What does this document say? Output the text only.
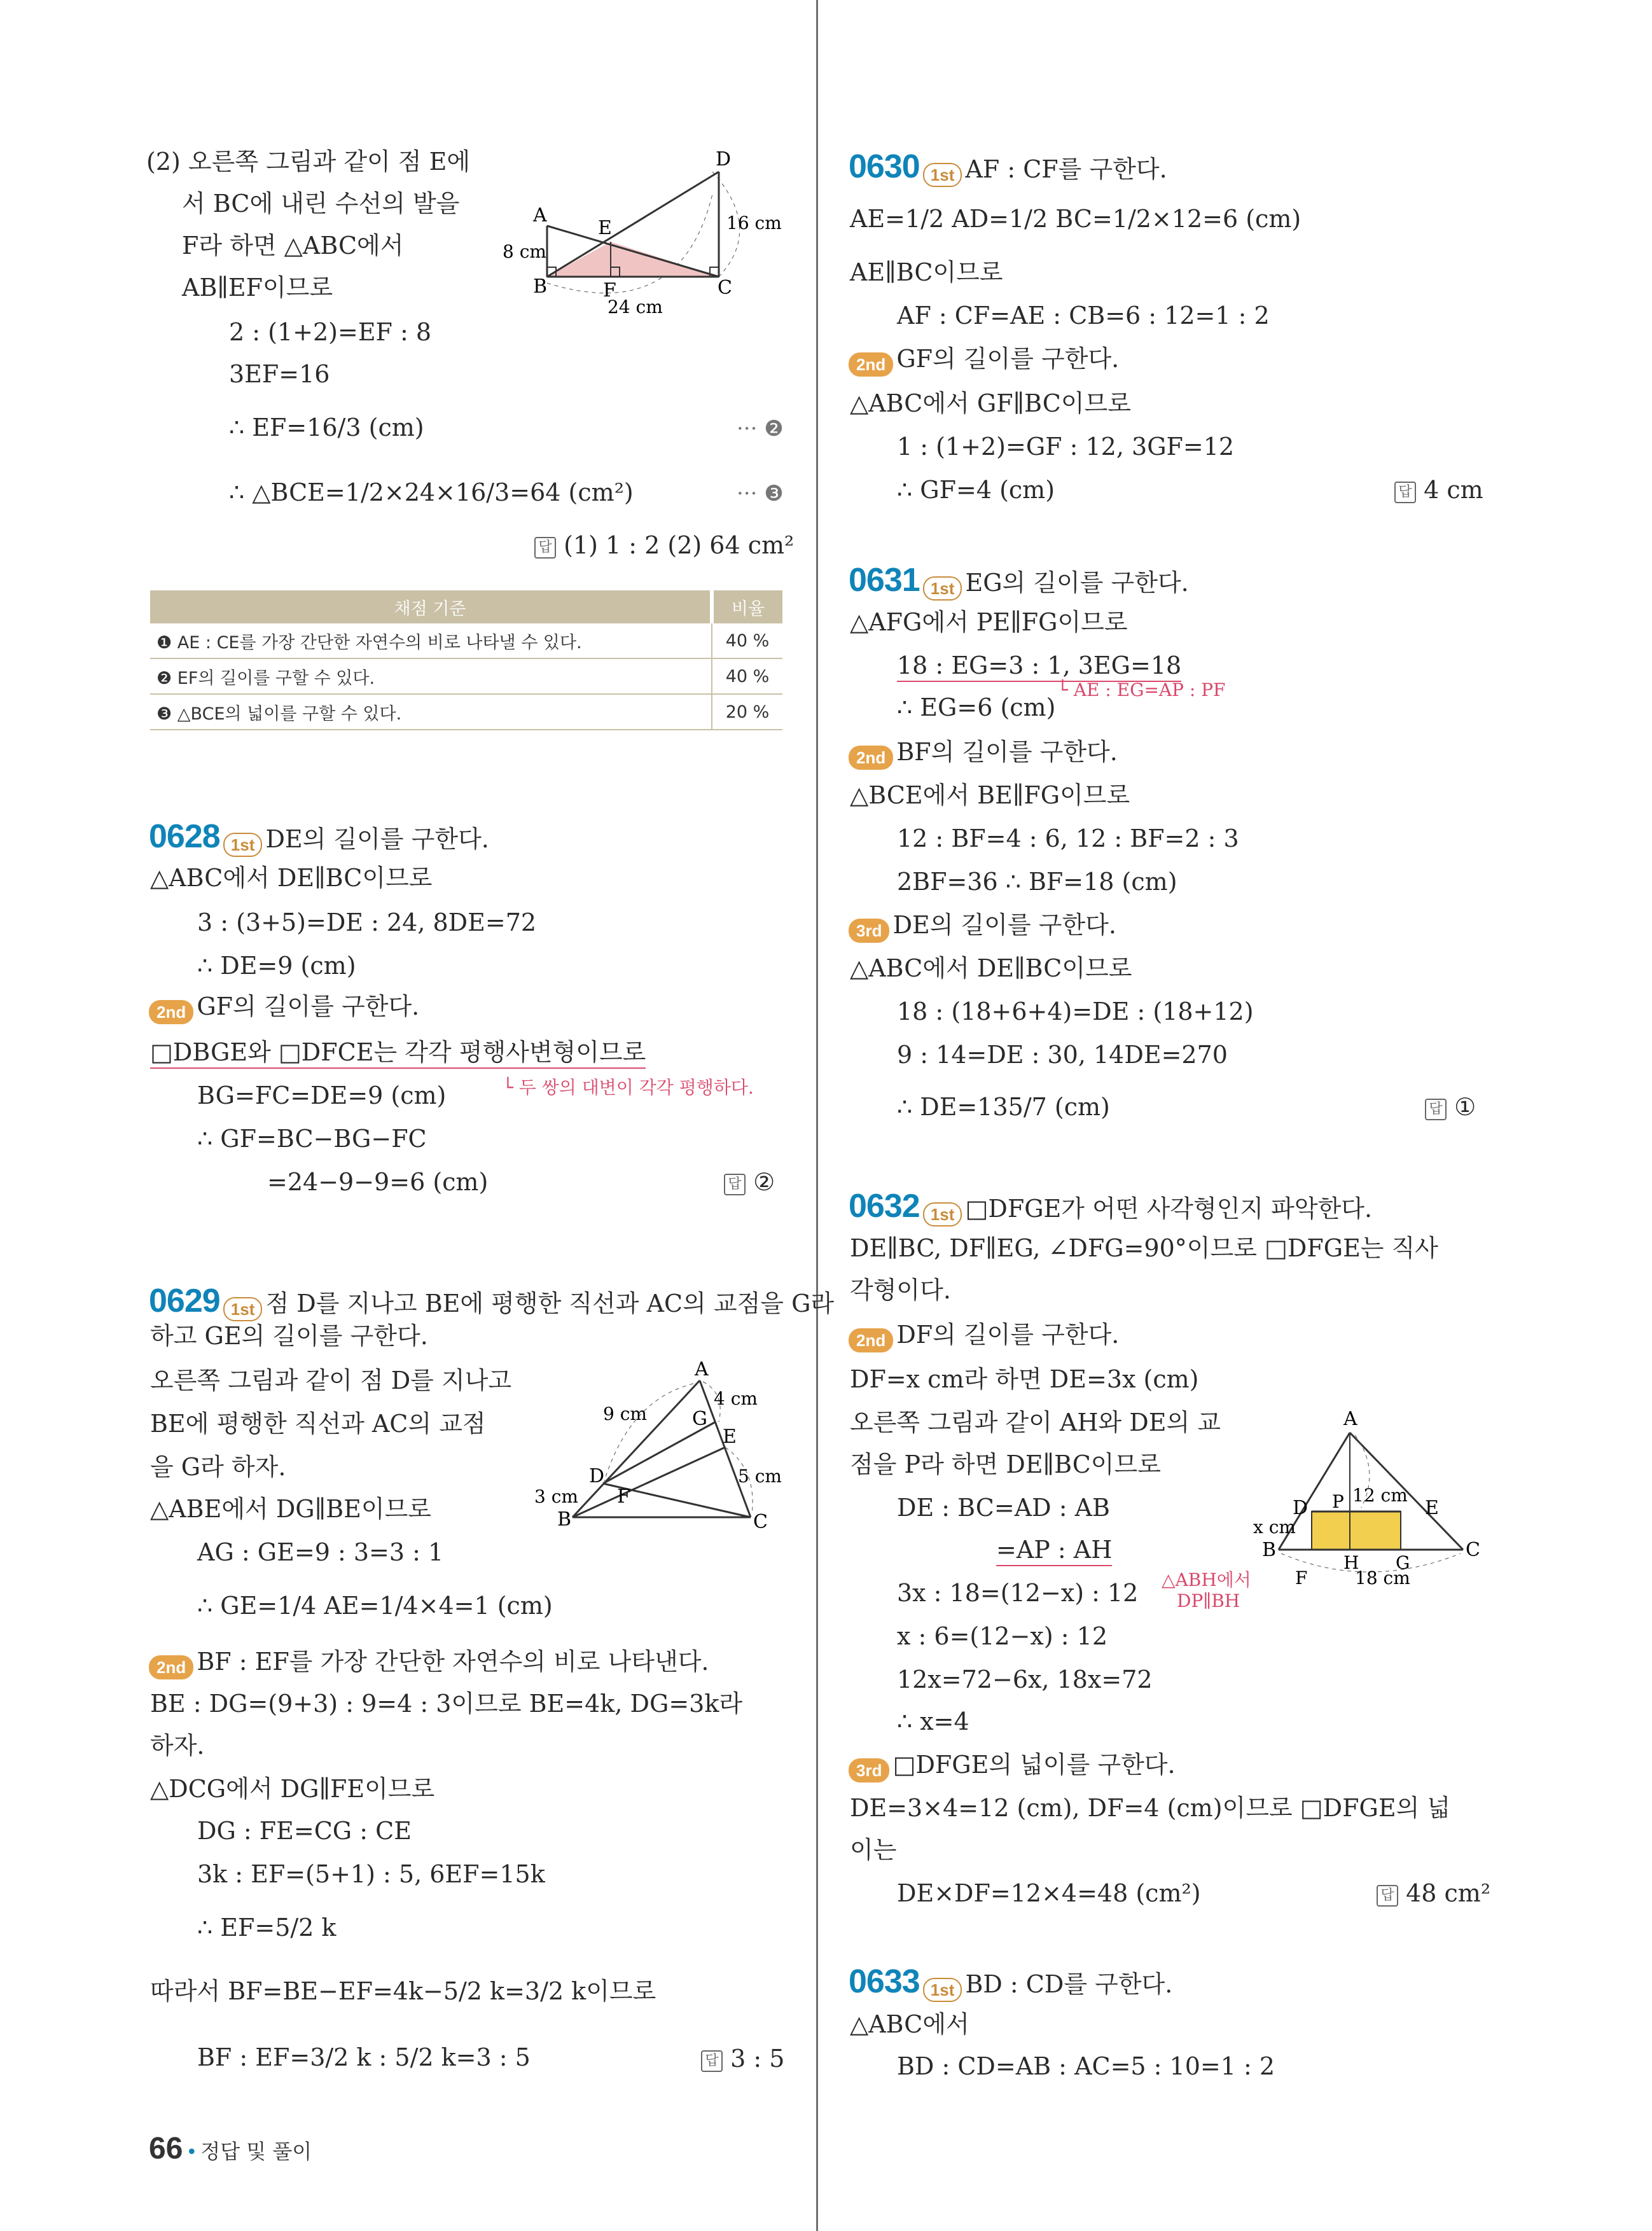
(2) 오른쪽 그림과 같이 점 E에
서 BC에 내린 수선의 발을
F라 하면 △ABC에서
AB∥EF이므로
2 : (1+2)=EF : 8
3EF=16
∴ EF=16/3 (cm)
∴ △BCE=1/2×24×16/3=64 (cm²)
··· ❷
··· ❸
답 (1) 1 : 2 (2) 64 cm²
D
A
E
8 cm
16 cm
B	F	C
24 cm
채점 기준	비율
❶ AE : CE를 가장 간단한 자연수의 비로 나타낼 수 있다.	40 %
❷ EF의 길이를 구할 수 있다.	40 %
❸ △BCE의 넓이를 구할 수 있다.	20 %
0628 1st DE의 길이를 구한다.
△ABC에서 DE∥BC이므로
3 : (3+5)=DE : 24, 8DE=72
∴ DE=9 (cm)
2nd GF의 길이를 구한다.
□DBGE와 □DFCE는 각각 평행사변형이므로
BG=FC=DE=9 (cm)	└ 두 쌍의 대변이 각각 평행하다.
∴ GF=BC−BG−FC
=24−9−9=6 (cm)	답 ②
0629 1st 점 D를 지나고 BE에 평행한 직선과 AC의 교점을 G라
하고 GE의 길이를 구한다.
오른쪽 그림과 같이 점 D를 지나고
BE에 평행한 직선과 AC의 교점
을 G라 하자.
△ABE에서 DG∥BE이므로
AG : GE=9 : 3=3 : 1
∴ GE=1/4 AE=1/4×4=1 (cm)
2nd BF : EF를 가장 간단한 자연수의 비로 나타낸다.
BE : DG=(9+3) : 9=4 : 3이므로 BE=4k, DG=3k라
하자.
△DCG에서 DG∥FE이므로
DG : FE=CG : CE
3k : EF=(5+1) : 5, 6EF=15k
∴ EF=5/2 k
따라서 BF=BE−EF=4k−5/2 k=3/2 k이므로
BF : EF=3/2 k : 5/2 k=3 : 5	답 3 : 5
A
4 cm
9 cm G
E
D	5 cm
3 cm F
B	C
66 • 정답 및 풀이
0630 1st AF : CF를 구한다.
AE=1/2 AD=1/2 BC=1/2×12=6 (cm)
AE∥BC이므로
AF : CF=AE : CB=6 : 12=1 : 2
2nd GF의 길이를 구한다.
△ABC에서 GF∥BC이므로
1 : (1+2)=GF : 12, 3GF=12
∴ GF=4 (cm)	답 4 cm
0631 1st EG의 길이를 구한다.
△AFG에서 PE∥FG이므로
18 : EG=3 : 1, 3EG=18
∴ EG=6 (cm)
└ AE : EG=AP : PF
2nd BF의 길이를 구한다.
△BCE에서 BE∥FG이므로
12 : BF=4 : 6, 12 : BF=2 : 3
2BF=36 ∴ BF=18 (cm)
3rd DE의 길이를 구한다.
△ABC에서 DE∥BC이므로
18 : (18+6+4)=DE : (18+12)
9 : 14=DE : 30, 14DE=270
∴ DE=135/7 (cm)	답 ①
0632 1st □DFGE가 어떤 사각형인지 파악한다.
DE∥BC, DF∥EG, ∠DFG=90°이므로 □DFGE는 직사
각형이다.
2nd DF의 길이를 구한다.
DF=x cm라 하면 DE=3x (cm)
오른쪽 그림과 같이 AH와 DE의 교
점을 P라 하면 DE∥BC이므로
DE : BC=AD : AB
=AP : AH
3x : 18=(12−x) : 12 △ABH에서
DP∥BH
x : 6=(12−x) : 12
12x=72−6x, 18x=72
∴ x=4
3rd □DFGE의 넓이를 구한다.
DE=3×4=12 (cm), DF=4 (cm)이므로 □DFGE의 넓
이는
DE×DF=12×4=48 (cm²)	답 48 cm²
A
D P 12 cm
E
x cm
B
H G
C
F	18 cm
0633 1st BD : CD를 구한다.
△ABC에서
BD : CD=AB : AC=5 : 10=1 : 2
